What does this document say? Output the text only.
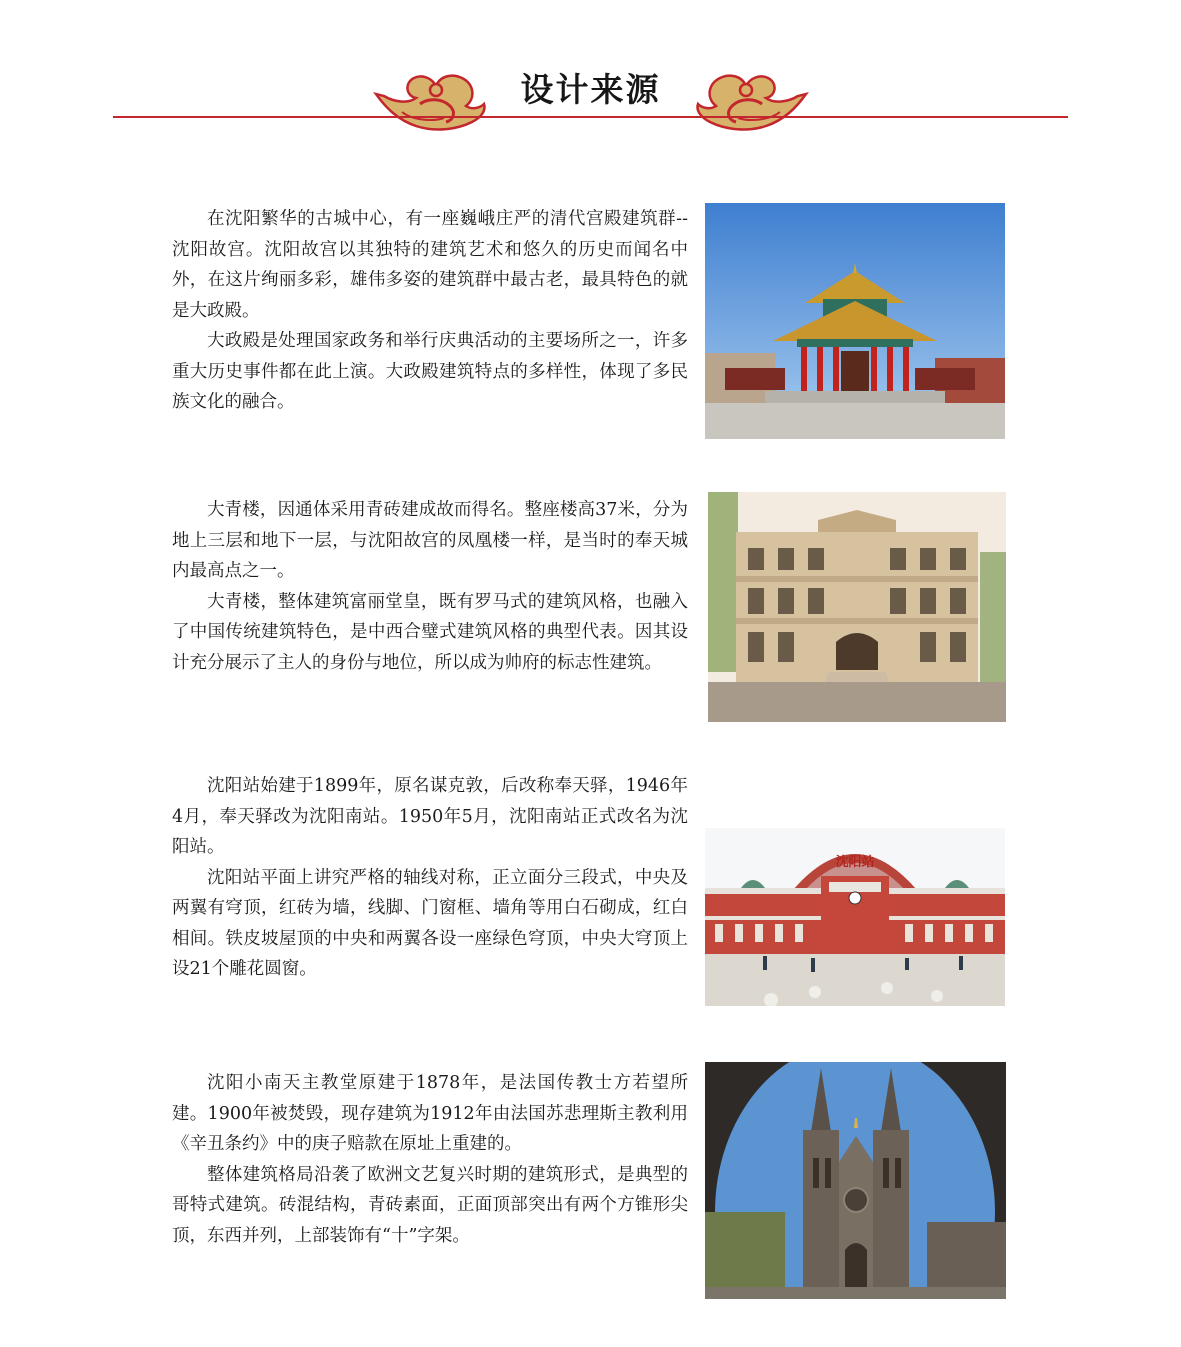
设计来源

在沈阳繁华的古城中心，有一座巍峨庄严的清代宫殿建筑群--沈阳故宫。沈阳故宫以其独特的建筑艺术和悠久的历史而闻名中外，在这片绚丽多彩，雄伟多姿的建筑群中最古老，最具特色的就是大政殿。

大政殿是处理国家政务和举行庆典活动的主要场所之一，许多重大历史事件都在此上演。大政殿建筑特点的多样性，体现了多民族文化的融合。

大青楼，因通体采用青砖建成故而得名。整座楼高37米，分为地上三层和地下一层，与沈阳故宫的凤凰楼一样，是当时的奉天城内最高点之一。

大青楼，整体建筑富丽堂皇，既有罗马式的建筑风格，也融入了中国传统建筑特色，是中西合璧式建筑风格的典型代表。因其设计充分展示了主人的身份与地位，所以成为帅府的标志性建筑。

沈阳站始建于1899年，原名谋克敦，后改称奉天驿，1946年4月，奉天驿改为沈阳南站。1950年5月，沈阳南站正式改名为沈阳站。

沈阳站平面上讲究严格的轴线对称，正立面分三段式，中央及两翼有穹顶，红砖为墙，线脚、门窗框、墙角等用白石砌成，红白相间。铁皮坡屋顶的中央和两翼各设一座绿色穹顶，中央大穹顶上设21个雕花圆窗。

沈阳站

沈阳小南天主教堂原建于1878年，是法国传教士方若望所建。1900年被焚毁，现存建筑为1912年由法国苏悲理斯主教利用《辛丑条约》中的庚子赔款在原址上重建的。

整体建筑格局沿袭了欧洲文艺复兴时期的建筑形式，是典型的哥特式建筑。砖混结构，青砖素面，正面顶部突出有两个方锥形尖顶，东西并列，上部装饰有“十”字架。
